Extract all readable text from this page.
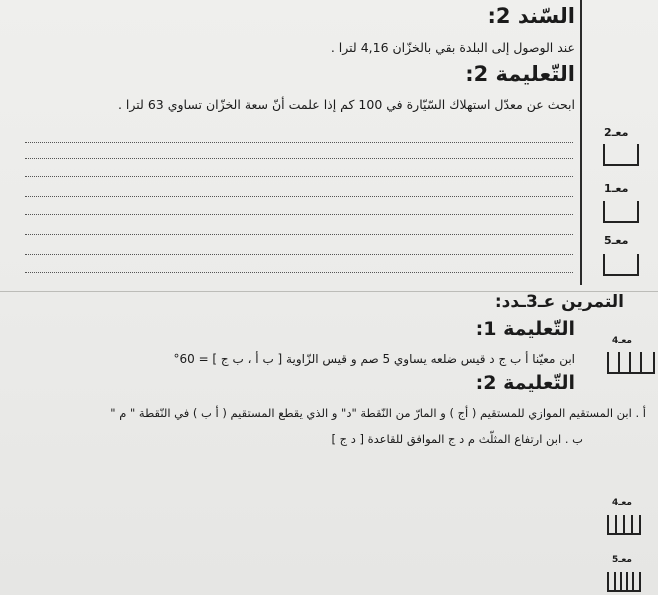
السّند 2:
عند الوصول إلى البلدة بقي بالخزّان 4,16 لترا .
التّعليمة 2:
ابحث عن معدّل استهلاك السّيّارة في 100 كم إذا علمت أنّ سعة الخزّان تساوي 63 لترا .
معـ2
معـ1
معـ5
التمرين عـ3ـدد:
التّعليمة 1:
ابن معيّنا أ ب ج د قيس ضلعه يساوي 5 صم و قيس الزّاوية [ ب أ ، ب ج ] = 60°
التّعليمة 2:
أ . ابن المستقيم الموازي للمستقيم ( أج ) و المارّ من النّقطة "د" و الذي يقطع المستقيم ( أ ب ) في النّقطة " م "
ب . ابن ارتفاع المثلّث م د ج الموافق للقاعدة [ د ج ]
معـ4
معـ4
معـ5
